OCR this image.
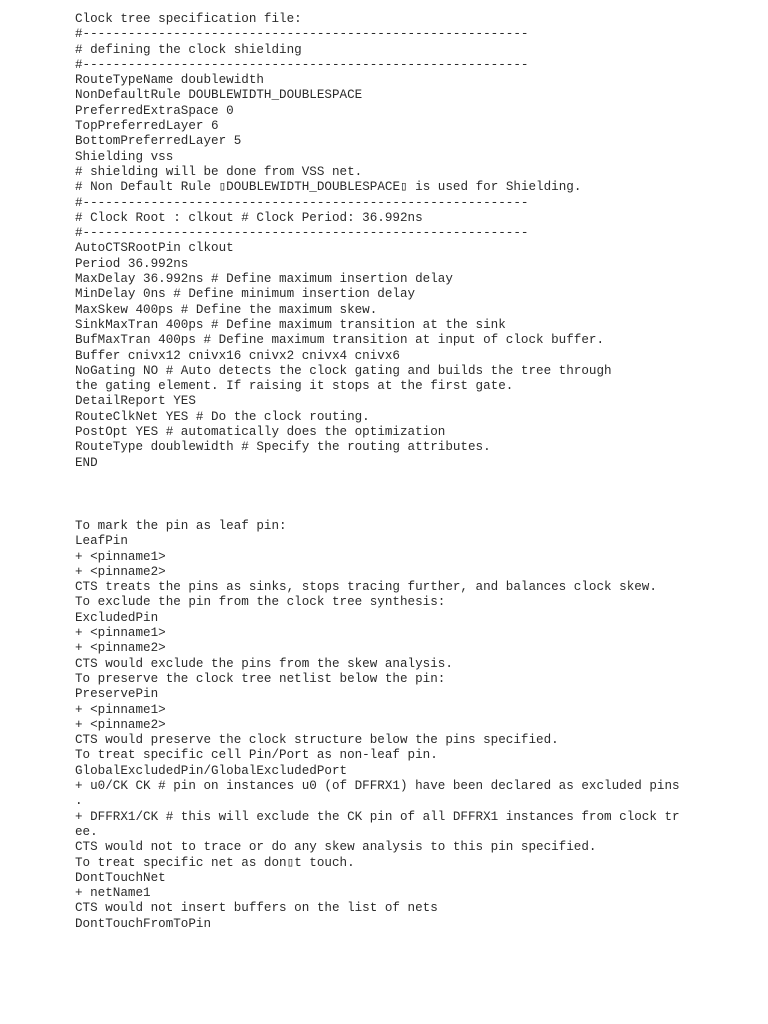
Clock tree specification file:
#-----------------------------------------------------------
# defining the clock shielding
#-----------------------------------------------------------
RouteTypeName doublewidth
NonDefaultRule DOUBLEWIDTH_DOUBLESPACE
PreferredExtraSpace 0
TopPreferredLayer 6
BottomPreferredLayer 5
Shielding vss
# shielding will be done from VSS net.
# Non Default Rule ▯DOUBLEWIDTH_DOUBLESPACE▯ is used for Shielding.
#-----------------------------------------------------------
# Clock Root : clkout # Clock Period: 36.992ns
#-----------------------------------------------------------
AutoCTSRootPin clkout
Period 36.992ns
MaxDelay 36.992ns # Define maximum insertion delay
MinDelay 0ns # Define minimum insertion delay
MaxSkew 400ps # Define the maximum skew.
SinkMaxTran 400ps # Define maximum transition at the sink
BufMaxTran 400ps # Define maximum transition at input of clock buffer.
Buffer cnivx12 cnivx16 cnivx2 cnivx4 cnivx6
NoGating NO # Auto detects the clock gating and builds the tree through
the gating element. If raising it stops at the first gate.
DetailReport YES
RouteClkNet YES # Do the clock routing.
PostOpt YES # automatically does the optimization
RouteType doublewidth # Specify the routing attributes.
END
To mark the pin as leaf pin:
LeafPin
+ <pinname1>
+ <pinname2>
CTS treats the pins as sinks, stops tracing further, and balances clock skew.
To exclude the pin from the clock tree synthesis:
ExcludedPin
+ <pinname1>
+ <pinname2>
CTS would exclude the pins from the skew analysis.
To preserve the clock tree netlist below the pin:
PreservePin
+ <pinname1>
+ <pinname2>
CTS would preserve the clock structure below the pins specified.
To treat specific cell Pin/Port as non-leaf pin.
GlobalExcludedPin/GlobalExcludedPort
+ u0/CK CK # pin on instances u0 (of DFFRX1) have been declared as excluded pins
.
+ DFFRX1/CK # this will exclude the CK pin of all DFFRX1 instances from clock tr
ee.
CTS would not to trace or do any skew analysis to this pin specified.
To treat specific net as don▯t touch.
DontTouchNet
+ netName1
CTS would not insert buffers on the list of nets
DontTouchFromToPin
